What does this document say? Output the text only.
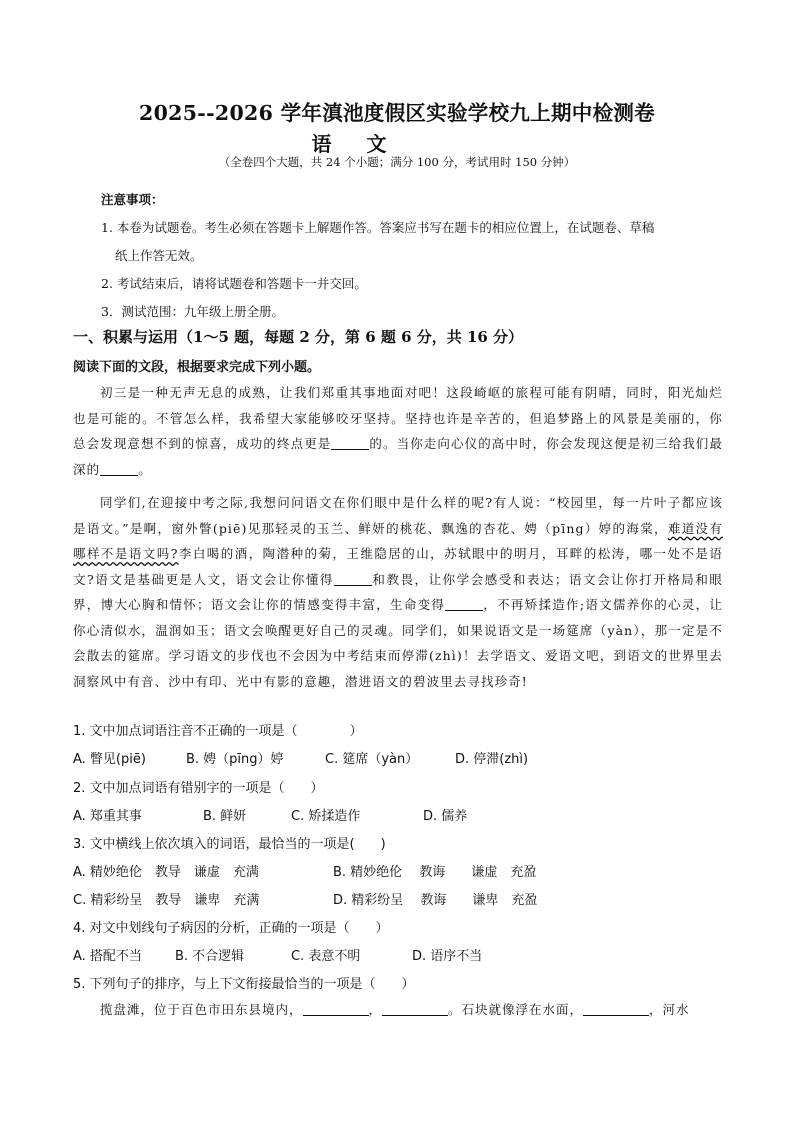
2025--2026 学年滇池度假区实验学校九上期中检测卷
语 文
（全卷四个大题，共 24 个小题；满分 100 分，考试用时 150 分钟）
注意事项：
1. 本卷为试题卷。考生必须在答题卡上解题作答。答案应书写在题卡的相应位置上，在试题卷、草稿
纸上作答无效。
2. 考试结束后，请将试题卷和答题卡一并交回。
3．测试范围：九年级上册全册。
一、积累与运用（1～5 题，每题 2 分，第 6 题 6 分，共 16 分）
阅读下面的文段，根据要求完成下列小题。
初三是一种无声无息的成熟，让我们郑重其事地面对吧！这段崎岖的旅程可能有阴晴，同时，阳光灿烂也是可能的。不管怎么样，我希望大家能够咬牙坚持。坚持也许是辛苦的，但追梦路上的风景是美丽的，你总会发现意想不到的惊喜，成功的终点更是	的。当你走向心仪的高中时，你会发现这便是初三给我们最深的	。
同学们,在迎接中考之际,我想问问语文在你们眼中是什么样的呢?有人说：“校园里，每一片叶子都应该是语文。”是啊，窗外瞥(piē)见那轻灵的玉兰、鲜妍的桃花、飘逸的杏花、娉（pīng）婷的海棠，难道没有哪样不是语文吗?李白喝的酒，陶潜种的菊，王维隐居的山，苏轼眼中的明月，耳畔的松涛，哪一处不是语文?语文是基础更是人文，语文会让你懂得	和教畏，让你学会感受和表达；语文会让你打开格局和眼界，博大心胸和情怀；语文会让你的情感变得丰富，生命变得	，不再矫揉造作;语文儒养你的心灵，让你心清似水，温润如玉；语文会唤醒更好自己的灵魂。同学们，如果说语文是一场筵席（yàn），那一定是不会散去的筵席。学习语文的步伐也不会因为中考结束而停滞(zhì)！去学语文、爱语文吧，到语文的世界里去洞察风中有音、沙中有印、光中有影的意趣，潜进语文的碧波里去寻找珍奇!
1. 文中加点词语注音不正确的一项是（　　　　）
A. 瞥见(piē)	B. 娉（pīng）婷	C. 筵席（yàn）	D. 停滞(zhì)
2. 文中加点词语有错别字的一项是（　　）
A. 郑重其事	B. 鲜妍	C. 矫揉造作	D. 儒养
3. 文中横线上依次填入的词语，最恰当的一项是(　　)
A. 精妙绝伦　教导　谦虚　充满	B. 精妙绝伦　 教诲　　谦虚　充盈
C. 精彩纷呈　教导　谦卑　充满	D. 精彩纷呈　 教诲　　谦卑　充盈
4. 对文中划线句子病因的分析，正确的一项是（　　）
A. 搭配不当	B. 不合逻辑	C. 表意不明	D. 语序不当
5. 下列句子的排序，与上下文衔接最恰当的一项是（　　）
揽盘滩，位于百色市田东县境内，	，	。石块就像浮在水面，	，河水
